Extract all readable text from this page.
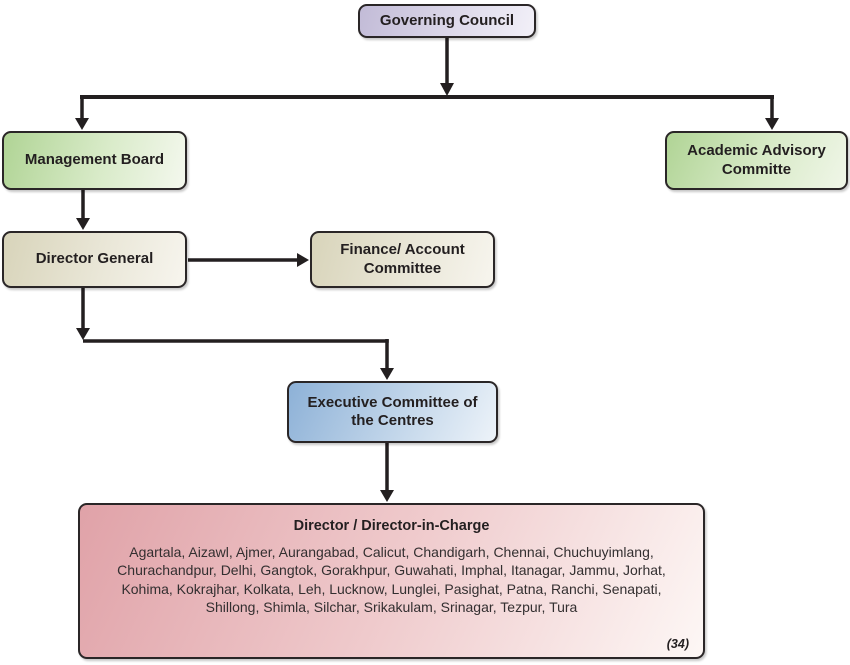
Governing Council
Management Board
Academic Advisory Committe
Director General
Finance/ Account Committee
Executive Committee of the Centres
Director / Director-in-Charge
Agartala, Aizawl, Ajmer, Aurangabad, Calicut, Chandigarh, Chennai, Chuchuyimlang, Churachandpur, Delhi, Gangtok, Gorakhpur, Guwahati, Imphal, Itanagar, Jammu, Jorhat, Kohima, Kokrajhar, Kolkata, Leh, Lucknow, Lunglei, Pasighat, Patna, Ranchi, Senapati, Shillong, Shimla, Silchar, Srikakulam, Srinagar, Tezpur, Tura
(34)
